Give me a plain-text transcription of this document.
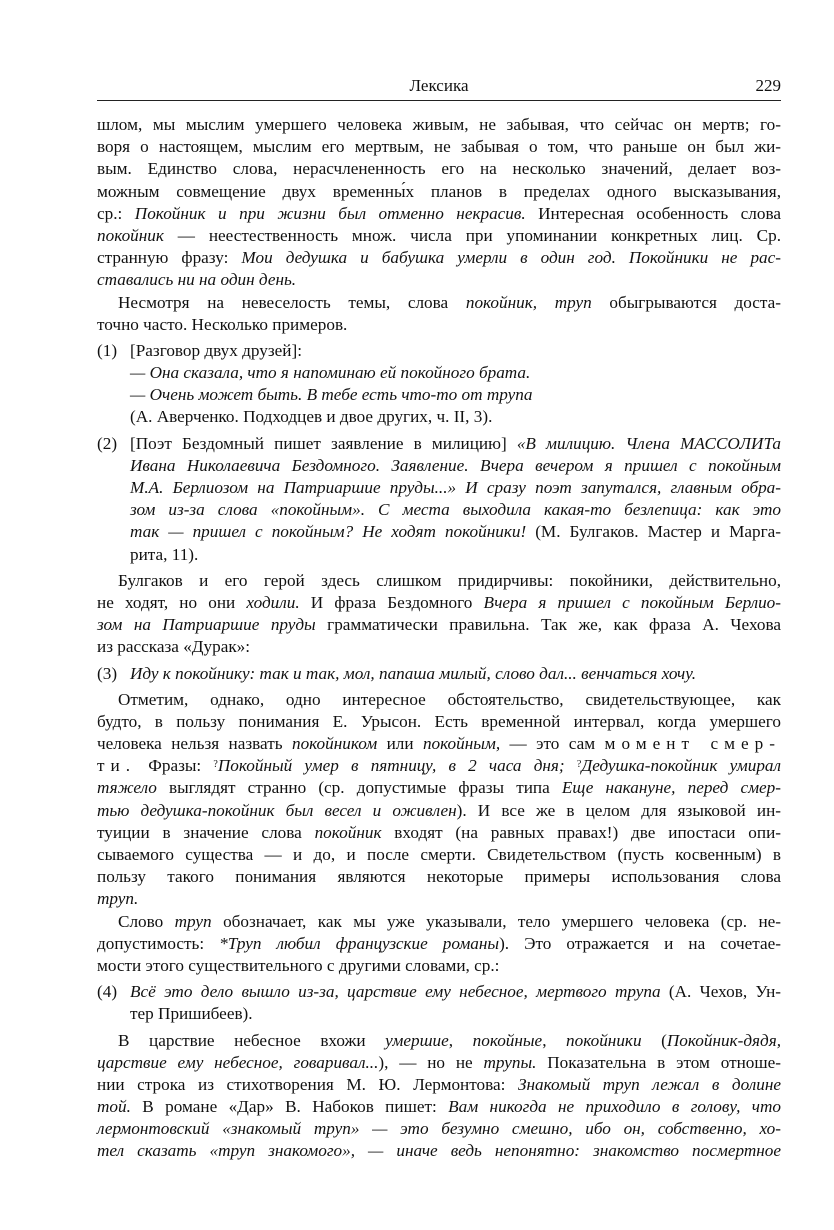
Лексика	229
шлом, мы мыслим умершего человека живым, не забывая, что сейчас он мертв; го-
воря о настоящем, мыслим его мертвым, не забывая о том, что раньше он был жи-
вым. Единство слова, нерасчлененность его на несколько значений, делает воз-
можным совмещение двух временны́х планов в пределах одного высказывания,
ср.: Покойник и при жизни был отменно некрасив. Интересная особенность слова
покойник — неестественность множ. числа при упоминании конкретных лиц. Ср.
странную фразу: Мои дедушка и бабушка умерли в один год. Покойники не рас-
ставались ни на один день.
Несмотря на невеселость темы, слова покойник, труп обыгрываются доста-
точно часто. Несколько примеров.
(1) [Разговор двух друзей]:
— Она сказала, что я напоминаю ей покойного брата.
— Очень может быть. В тебе есть что-то от трупа
(А. Аверченко. Подходцев и двое других, ч. II, 3).
(2) [Поэт Бездомный пишет заявление в милицию] «В милицию. Члена МАССОЛИТа
Ивана Николаевича Бездомного. Заявление. Вчера вечером я пришел с покойным
М.А. Берлиозом на Патриаршие пруды...» И сразу поэт запутался, главным обра-
зом из-за слова «покойным». С места выходила какая-то безлепица: как это
так — пришел с покойным? Не ходят покойники! (М. Булгаков. Мастер и Марга-
рита, 11).
Булгаков и его герой здесь слишком придирчивы: покойники, действительно,
не ходят, но они ходили. И фраза Бездомного Вчера я пришел с покойным Берлио-
зом на Патриаршие пруды грамматически правильна. Так же, как фраза А. Чехова
из рассказа «Дурак»:
(3) Иду к покойнику: так и так, мол, папаша милый, слово дал... венчаться хочу.
Отметим, однако, одно интересное обстоятельство, свидетельствующее, как
будто, в пользу понимания Е. Урысон. Есть временной интервал, когда умершего
человека нельзя назвать покойником или покойным, — это сам момент смер-
ти. Фразы: ?Покойный умер в пятницу, в 2 часа дня; ?Дедушка-покойник умирал
тяжело выглядят странно (ср. допустимые фразы типа Еще накануне, перед смер-
тью дедушка-покойник был весел и оживлен). И все же в целом для языковой ин-
туиции в значение слова покойник входят (на равных правах!) две ипостаси опи-
сываемого существа — и до, и после смерти. Свидетельством (пусть косвенным) в
пользу такого понимания являются некоторые примеры использования слова
труп.
Слово труп обозначает, как мы уже указывали, тело умершего человека (ср. не-
допустимость: *Труп любил французские романы). Это отражается и на сочетае-
мости этого существительного с другими словами, ср.:
(4) Всё это дело вышло из-за, царствие ему небесное, мертвого трупа (А. Чехов, Ун-
тер Пришибеев).
В царствие небесное вхожи умершие, покойные, покойники (Покойник-дядя,
царствие ему небесное, говаривал...), — но не трупы. Показательна в этом отноше-
нии строка из стихотворения М. Ю. Лермонтова: Знакомый труп лежал в долине
той. В романе «Дар» В. Набоков пишет: Вам никогда не приходило в голову, что
лермонтовский «знакомый труп» — это безумно смешно, ибо он, собственно, хо-
тел сказать «труп знакомого», — иначе ведь непонятно: знакомство посмертное
